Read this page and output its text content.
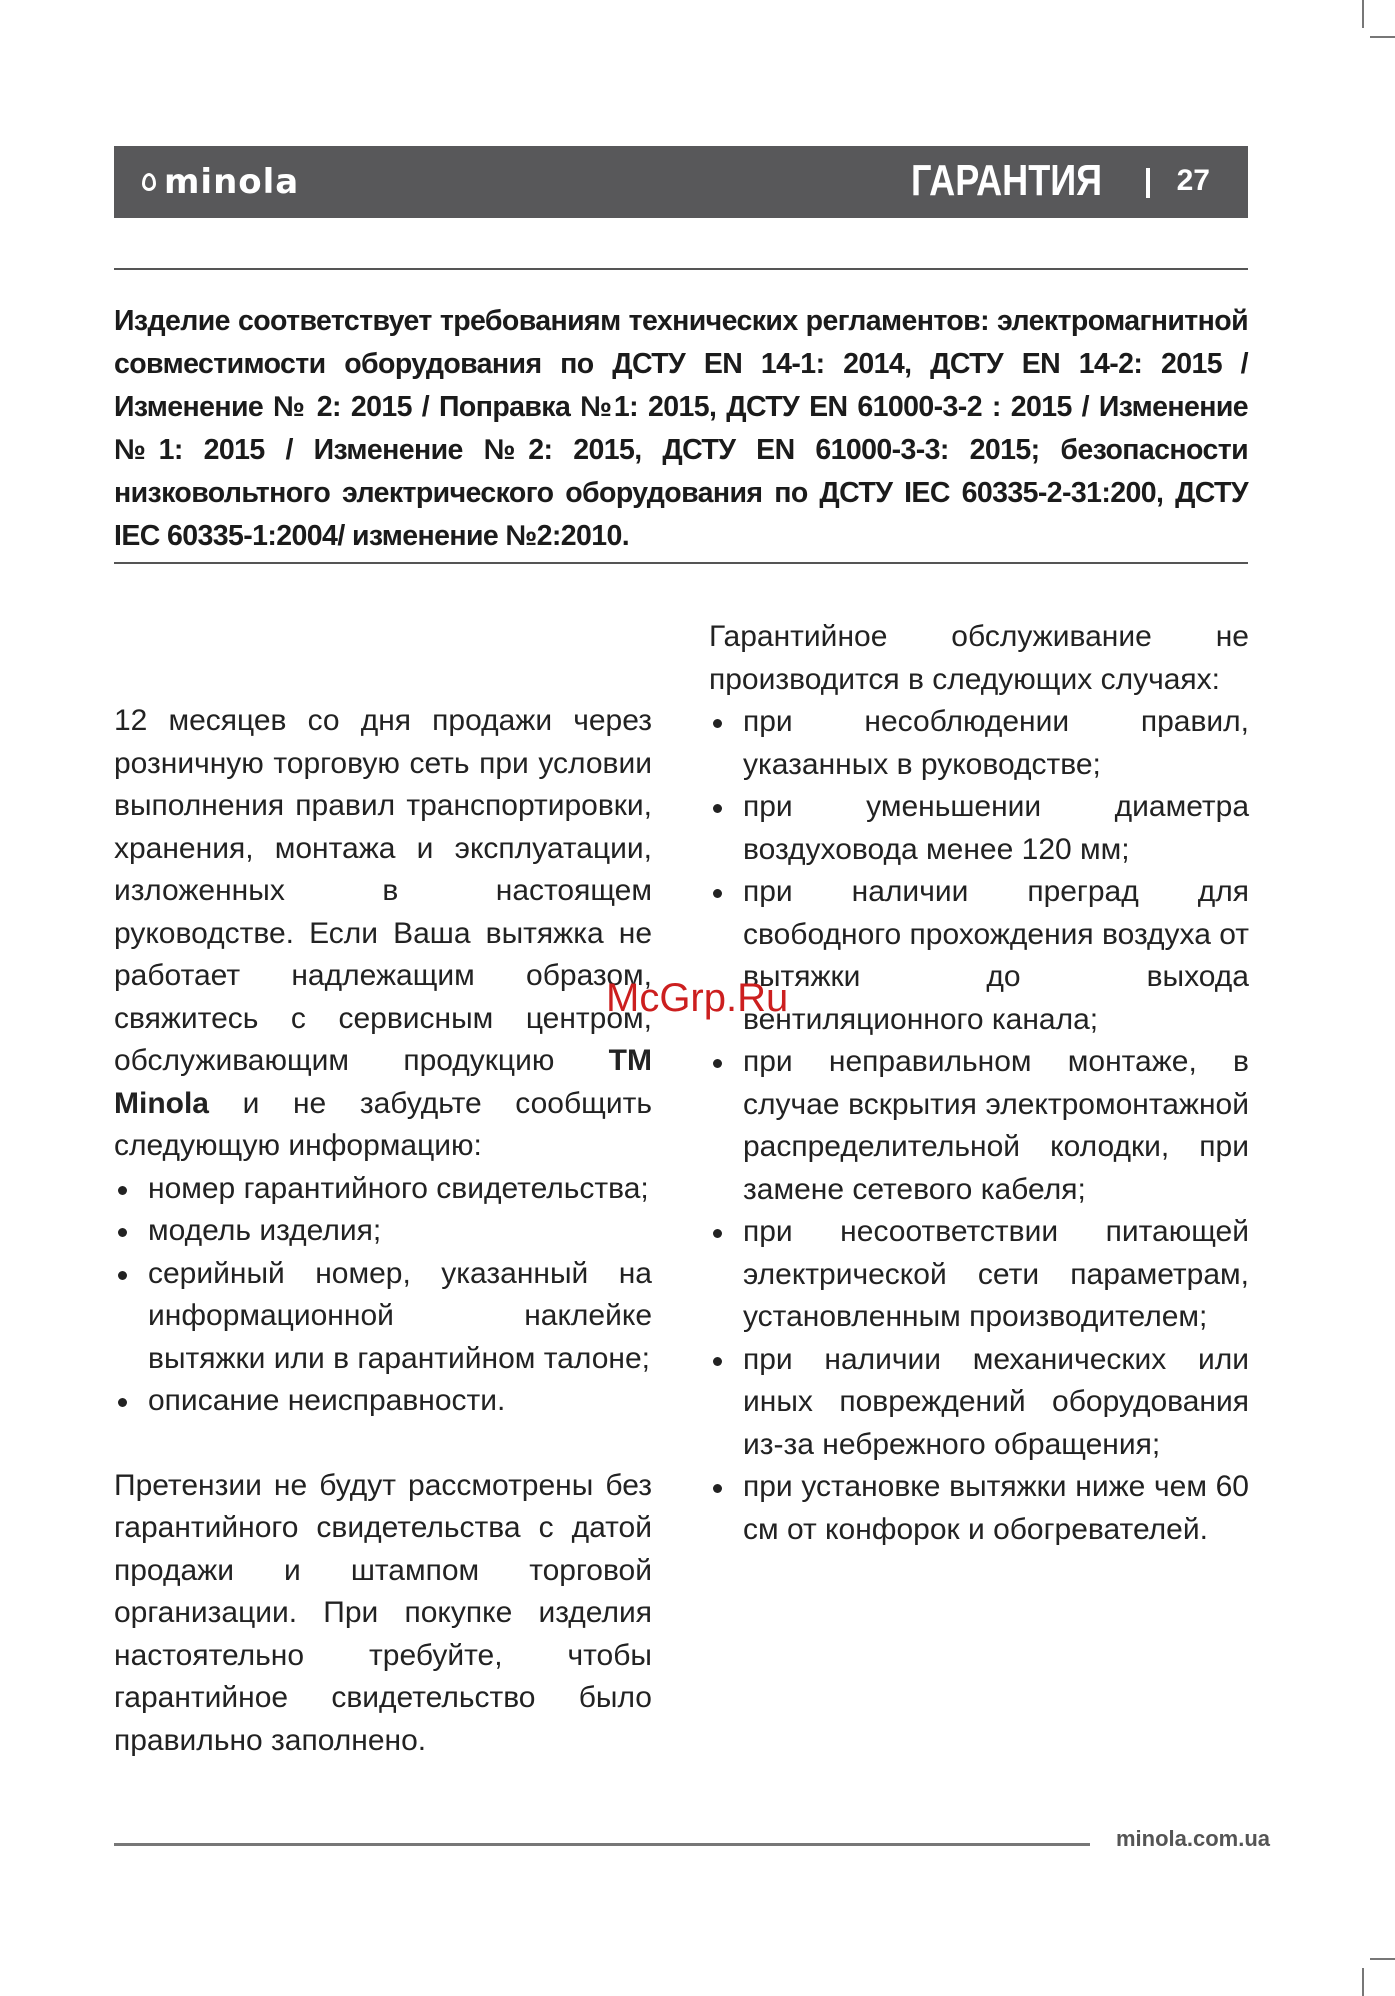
minola	ГАРАНТИЯ 27
Изделие соответствует требованиям технических регламентов: электромагнитной совместимости оборудования по ДСТУ EN 14-1: 2014, ДСТУ EN 14-2: 2015 / Изменение № 2: 2015 / Поправка №1: 2015, ДСТУ EN 61000-3-2 : 2015 / Изменение №1: 2015 / Изменение №2: 2015, ДСТУ EN 61000-3-3: 2015; безопасности низковольтного электрического оборудования по ДСТУ IEC 60335-2-31:200, ДСТУ IEC 60335-1:2004/ изменение №2:2010.

12 месяцев со дня продажи через розничную торговую сеть при условии выполнения правил транспортировки, хранения, монтажа и эксплуатации, изложенных в настоящем руководстве. Если Ваша вытяжка не работает надлежащим образом, свяжитесь с сервисным центром, обслуживающим продукцию TM Minola и не забудьте сообщить следующую информацию:

номер гарантийного свидетельства;
модель изделия;
серийный номер, указанный на информационной наклейке вытяжки или в гарантийном талоне;
описание неисправности.

Претензии не будут рассмотрены без гарантийного свидетельства с датой продажи и штампом торговой организации. При покупке изделия настоятельно требуйте, чтобы гарантийное свидетельство было правильно заполнено.

Гарантийное обслуживание не производится в следующих случаях:

при несоблюдении правил, указанных в руководстве;
при уменьшении диаметра воздуховода менее 120 мм;
при наличии преград для свободного прохождения воздуха от вытяжки до выхода вентиляционного канала;
при неправильном монтаже, в случае вскрытия электромонтажной распределительной колодки, при замене сетевого кабеля;
при несоответствии питающей электрической сети параметрам, установленным производителем;
при наличии механических или иных повреждений оборудования из-за небрежного обращения;
при установке вытяжки ниже чем 60 см от конфорок и обогревателей.
McGrp.Ru
minola.com.ua
